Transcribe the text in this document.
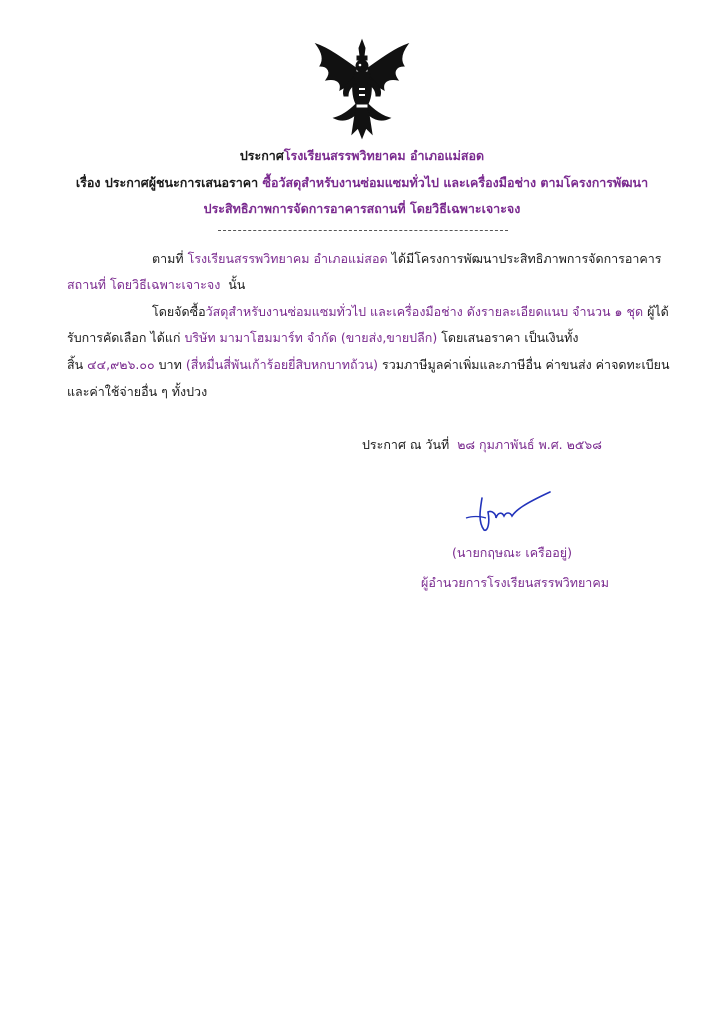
ประกาศโรงเรียนสรรพวิทยาคม อำเภอแม่สอด
เรื่อง ประกาศผู้ชนะการเสนอราคา ซื้อวัสดุสำหรับงานซ่อมแซมทั่วไป และเครื่องมือช่าง ตามโครงการพัฒนา
ประสิทธิภาพการจัดการอาคารสถานที่ โดยวิธีเฉพาะเจาะจง
ตามที่ โรงเรียนสรรพวิทยาคม อำเภอแม่สอด ได้มีโครงการพัฒนาประสิทธิภาพการจัดการอาคาร
สถานที่ โดยวิธีเฉพาะเจาะจง นั้น
โดยจัดซื้อวัสดุสำหรับงานซ่อมแซมทั่วไป และเครื่องมือช่าง ดังรายละเอียดแนบ จำนวน ๑ ชุด ผู้ได้
รับการคัดเลือก ได้แก่ บริษัท มามาโฮมมาร์ท จำกัด (ขายส่ง,ขายปลีก) โดยเสนอราคา เป็นเงินทั้ง
สิ้น ๔๔,๙๒๖.๐๐ บาท (สี่หมื่นสี่พันเก้าร้อยยี่สิบหกบาทถ้วน) รวมภาษีมูลค่าเพิ่มและภาษีอื่น ค่าขนส่ง ค่าจดทะเบียน
และค่าใช้จ่ายอื่น ๆ ทั้งปวง
ประกาศ ณ วันที่ ๒๘ กุมภาพันธ์ พ.ศ. ๒๕๖๘
(นายกฤษณะ เครืออยู่)
ผู้อำนวยการโรงเรียนสรรพวิทยาคม
